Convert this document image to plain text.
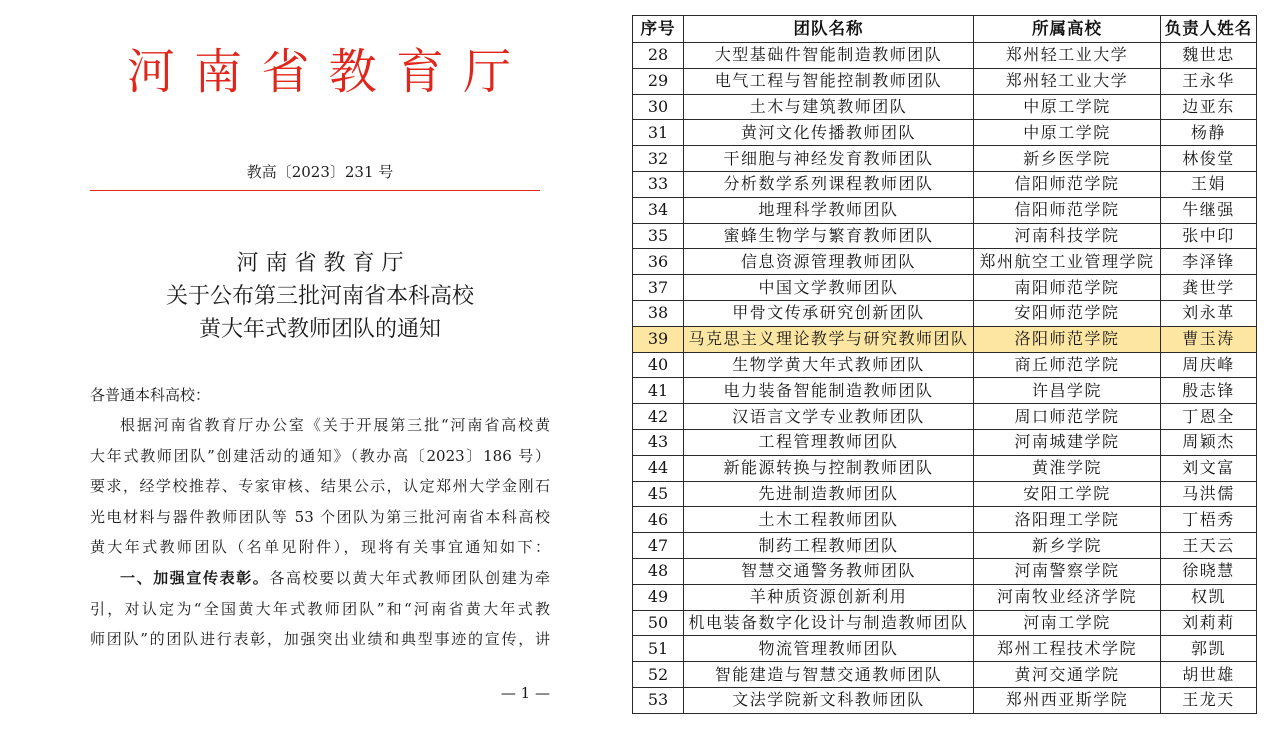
河 南 省 教 育 厅
教高〔2023〕231 号
河 南 省 教 育 厅
关于公布第三批河南省本科高校
黄大年式教师团队的通知
各普通本科高校：
根据河南省教育厅办公室《关于开展第三批“河南省高校黄
大年式教师团队”创建活动的通知》（教办高〔2023〕186 号）
要求，经学校推荐、专家审核、结果公示，认定郑州大学金刚石
光电材料与器件教师团队等 53 个团队为第三批河南省本科高校
黄大年式教师团队（名单见附件），现将有关事宜通知如下：
一、加强宣传表彰。各高校要以黄大年式教师团队创建为牵
引，对认定为“全国黄大年式教师团队”和“河南省黄大年式教
师团队”的团队进行表彰，加强突出业绩和典型事迹的宣传，讲
— 1 —
序号	团队名称	所属高校	负责人姓名
28	大型基础件智能制造教师团队	郑州轻工业大学	魏世忠
29	电气工程与智能控制教师团队	郑州轻工业大学	王永华
30	土木与建筑教师团队	中原工学院	边亚东
31	黄河文化传播教师团队	中原工学院	杨静
32	干细胞与神经发育教师团队	新乡医学院	林俊堂
33	分析数学系列课程教师团队	信阳师范学院	王娟
34	地理科学教师团队	信阳师范学院	牛继强
35	蜜蜂生物学与繁育教师团队	河南科技学院	张中印
36	信息资源管理教师团队	郑州航空工业管理学院	李泽锋
37	中国文学教师团队	南阳师范学院	龚世学
38	甲骨文传承研究创新团队	安阳师范学院	刘永革
39	马克思主义理论教学与研究教师团队	洛阳师范学院	曹玉涛
40	生物学黄大年式教师团队	商丘师范学院	周庆峰
41	电力装备智能制造教师团队	许昌学院	殷志锋
42	汉语言文学专业教师团队	周口师范学院	丁恩全
43	工程管理教师团队	河南城建学院	周颖杰
44	新能源转换与控制教师团队	黄淮学院	刘文富
45	先进制造教师团队	安阳工学院	马洪儒
46	土木工程教师团队	洛阳理工学院	丁梧秀
47	制药工程教师团队	新乡学院	王天云
48	智慧交通警务教师团队	河南警察学院	徐晓慧
49	羊种质资源创新利用	河南牧业经济学院	权凯
50	机电装备数字化设计与制造教师团队	河南工学院	刘莉莉
51	物流管理教师团队	郑州工程技术学院	郭凯
52	智能建造与智慧交通教师团队	黄河交通学院	胡世雄
53	文法学院新文科教师团队	郑州西亚斯学院	王龙天
